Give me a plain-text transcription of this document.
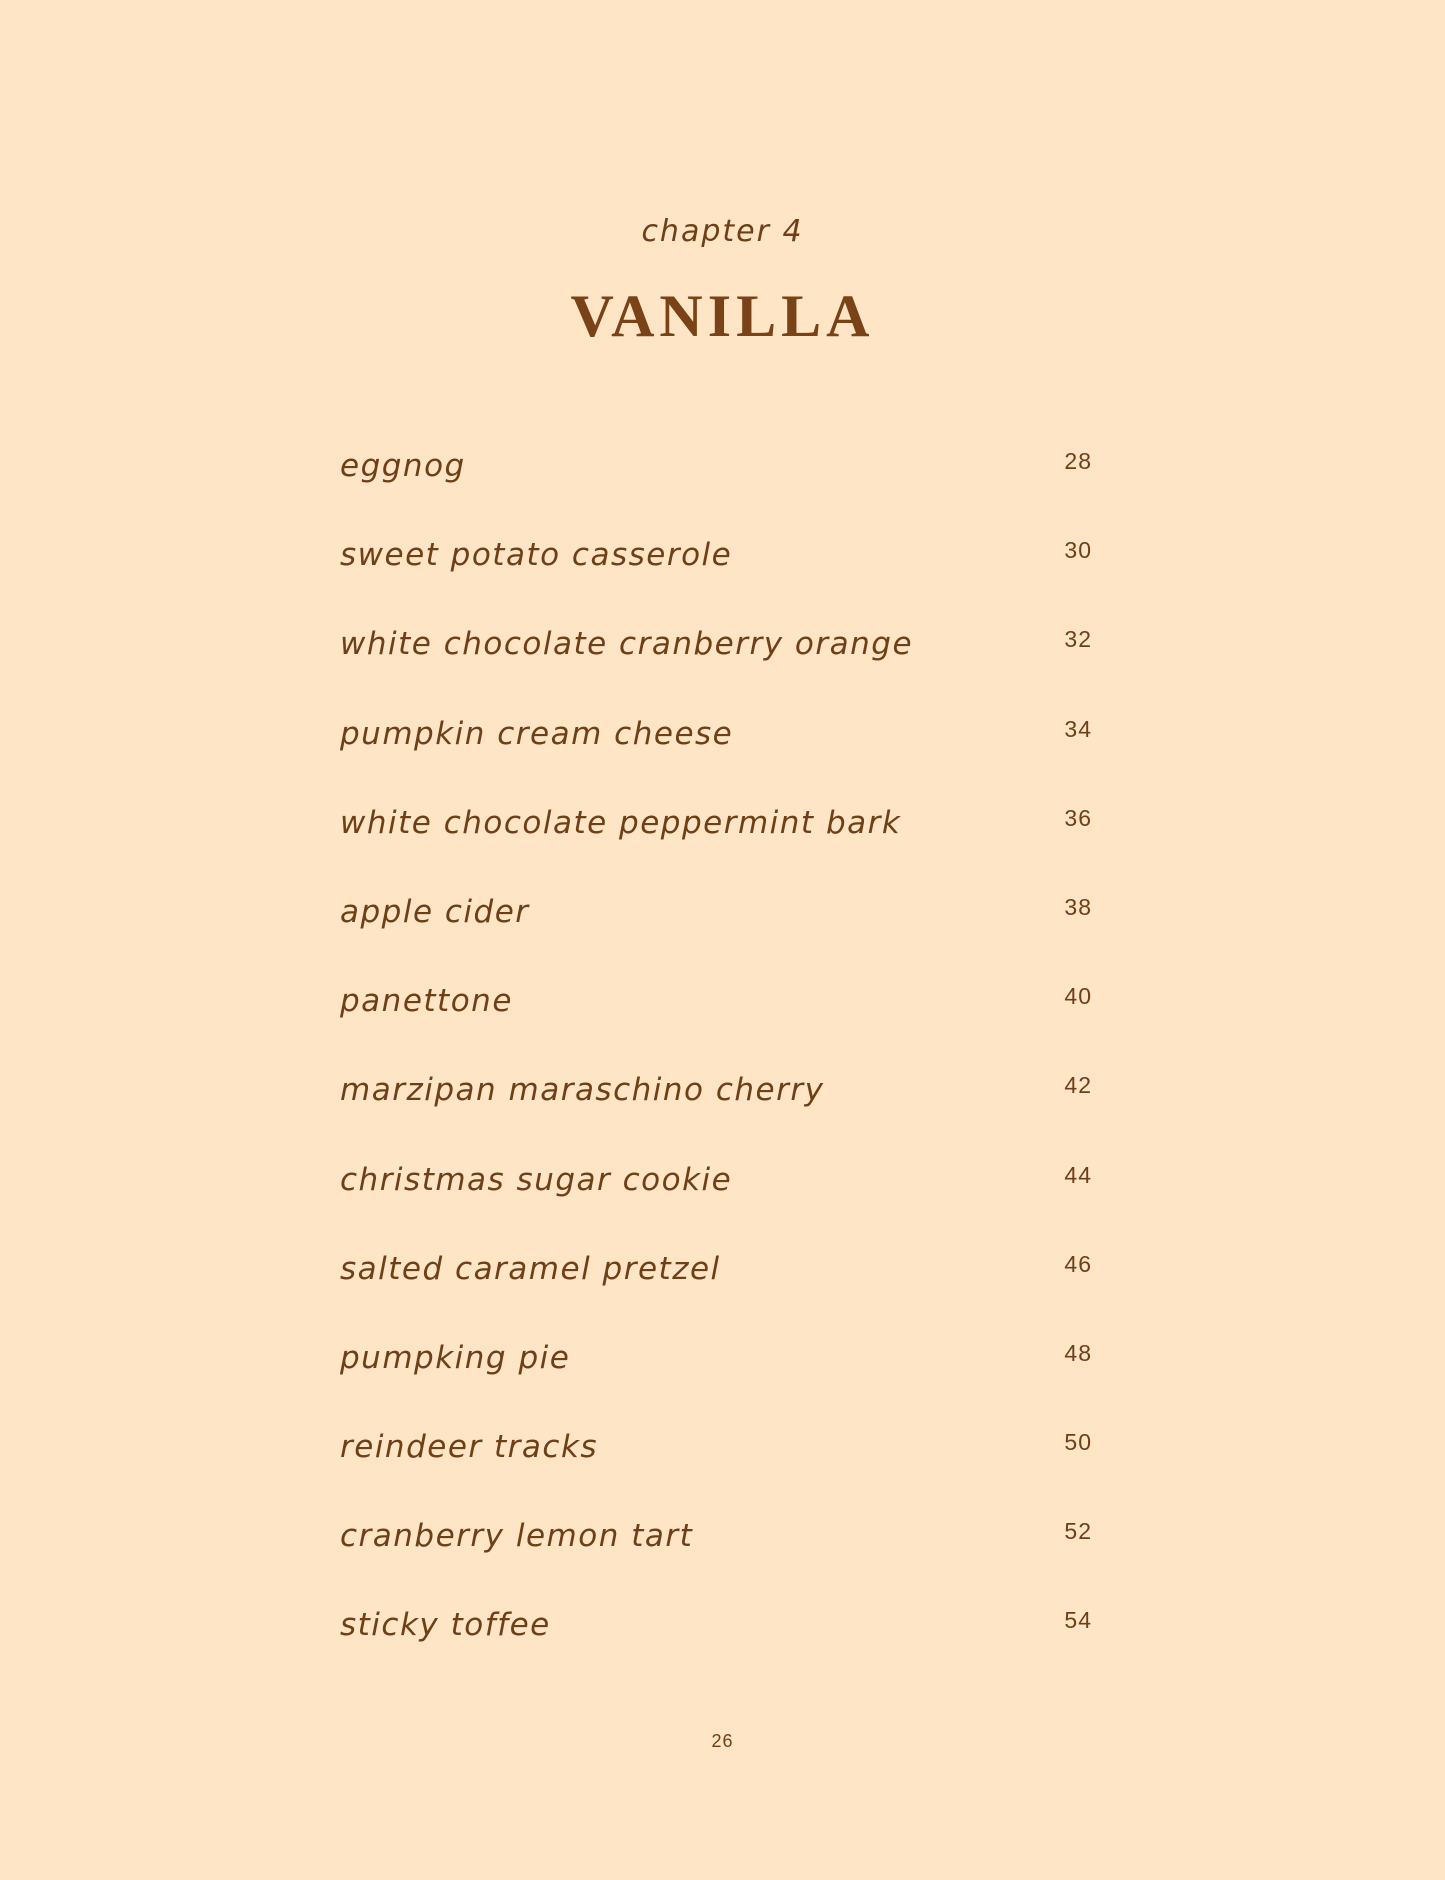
chapter 4
VANILLA
eggnog	28
sweet potato casserole	30
white chocolate cranberry orange	32
pumpkin cream cheese	34
white chocolate peppermint bark	36
apple cider	38
panettone	40
marzipan maraschino cherry	42
christmas sugar cookie	44
salted caramel pretzel	46
pumpking pie	48
reindeer tracks	50
cranberry lemon tart	52
sticky toffee	54
26
